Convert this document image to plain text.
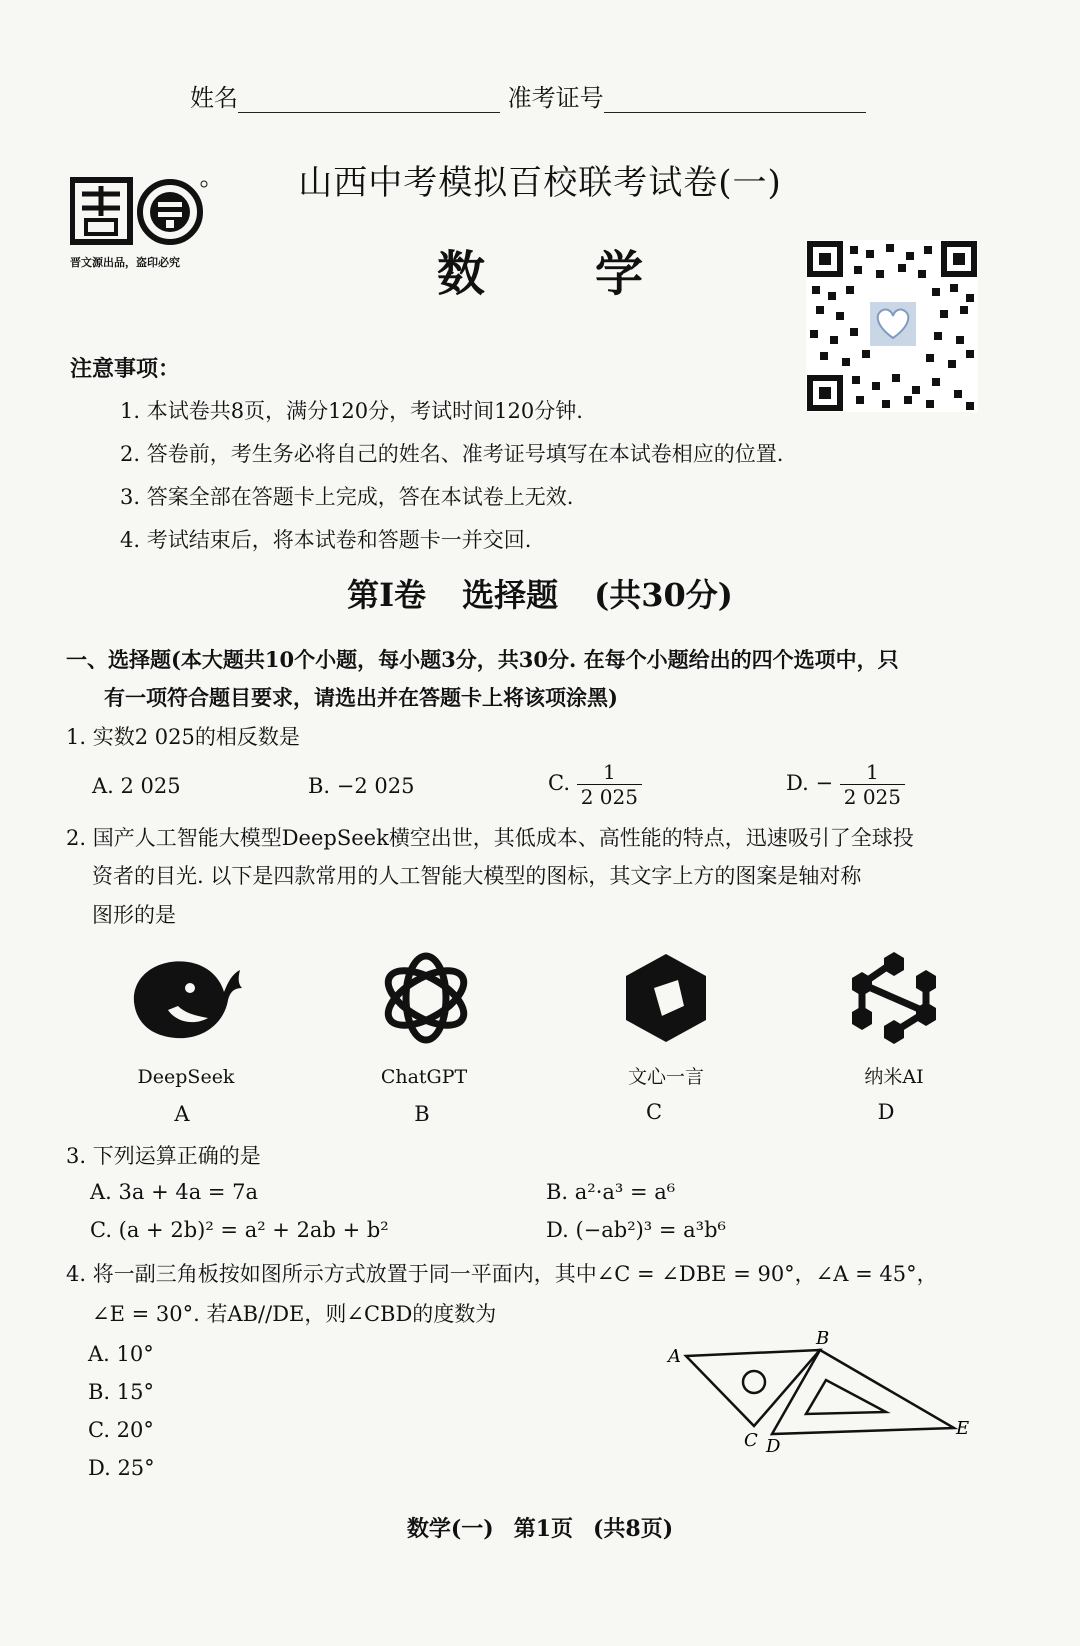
姓名	准考证号
晋文源出品，盗印必究
山西中考模拟百校联考试卷(一)
数 学
注意事项：
1. 本试卷共8页，满分120分，考试时间120分钟.
2. 答卷前，考生务必将自己的姓名、准考证号填写在本试卷相应的位置.
3. 答案全部在答题卡上完成，答在本试卷上无效.
4. 考试结束后，将本试卷和答题卡一并交回.
第Ⅰ卷 选择题 (共30分)
一、选择题(本大题共10个小题，每小题3分，共30分. 在每个小题给出的四个选项中，只
有一项符合题目要求，请选出并在答题卡上将该项涂黑)
1. 实数2 025的相反数是
A. 2 025	B. −2 025	C. $\frac{1}{2 025}$	D. − $\frac{1}{2 025}$
2. 国产人工智能大模型DeepSeek横空出世，其低成本、高性能的特点，迅速吸引了全球投
资者的目光. 以下是四款常用的人工智能大模型的图标，其文字上方的图案是轴对称
图形的是
DeepSeek	ChatGPT	文心一言	纳米AI
A	B	C	D
3. 下列运算正确的是
A. 3a + 4a = 7a	B. a²·a³ = a⁶
C. (a + 2b)² = a² + 2ab + b²	D. (−ab²)³ = a³b⁶
4. 将一副三角板按如图所示方式放置于同一平面内，其中∠C = ∠DBE = 90°，∠A = 45°，
∠E = 30°. 若AB//DE，则∠CBD的度数为
A. 10°
B. 15°
C. 20°
D. 25°
A
B
C D
E
数学(一) 第1页 (共8页)
